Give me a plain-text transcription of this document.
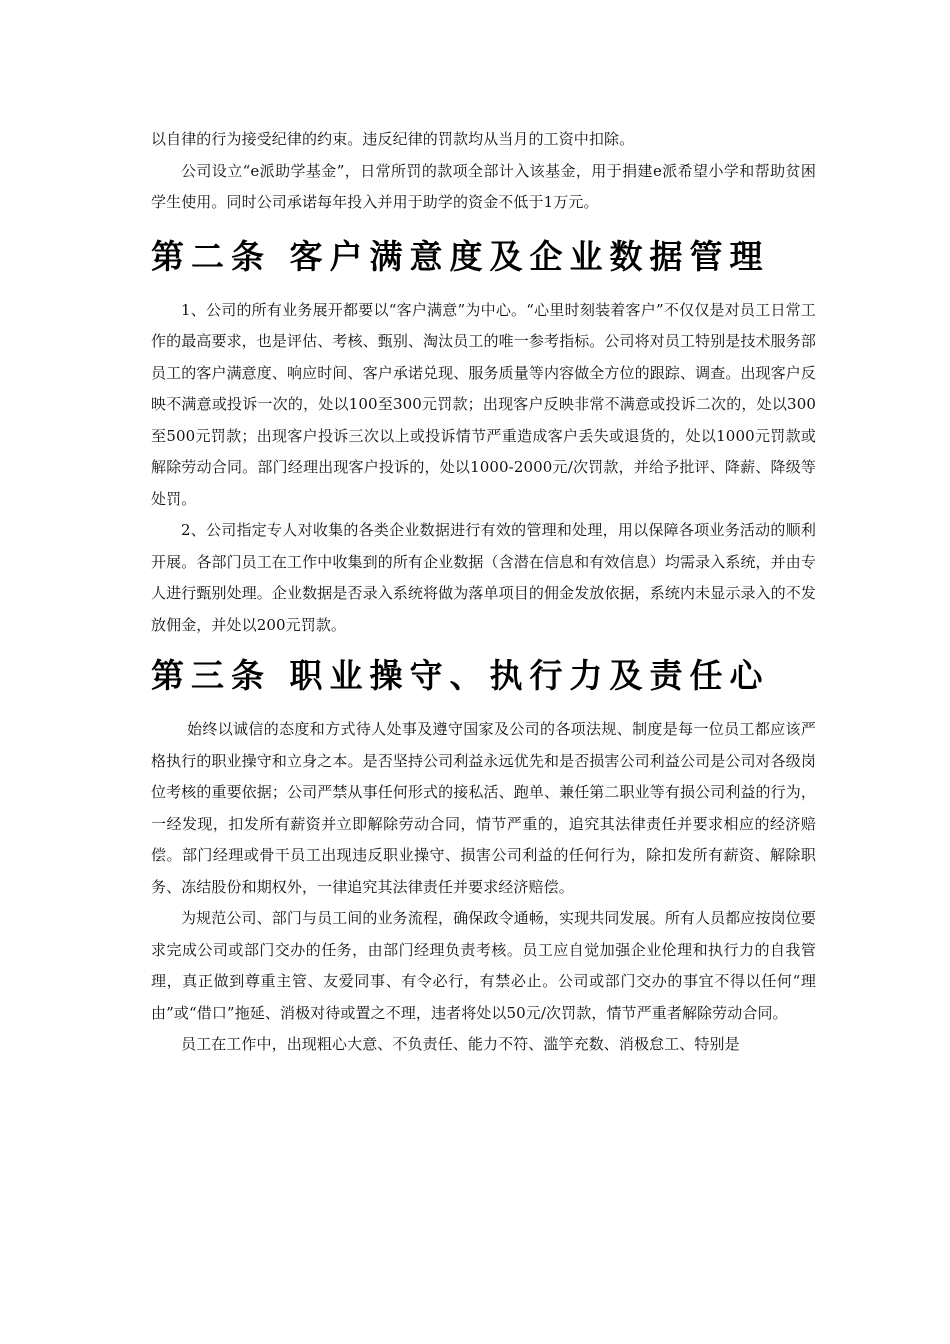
以自律的行为接受纪律的约束。违反纪律的罚款均从当月的工资中扣除。

公司设立“e派助学基金”，日常所罚的款项全部计入该基金，用于捐建e派希望小学和帮助贫困学生使用。同时公司承诺每年投入并用于助学的资金不低于1万元。

第二条 客户满意度及企业数据管理

1、公司的所有业务展开都要以“客户满意”为中心。“心里时刻装着客户”不仅仅是对员工日常工作的最高要求，也是评估、考核、甄别、淘汰员工的唯一参考指标。公司将对员工特别是技术服务部员工的客户满意度、响应时间、客户承诺兑现、服务质量等内容做全方位的跟踪、调查。出现客户反映不满意或投诉一次的，处以100至300元罚款；出现客户反映非常不满意或投诉二次的，处以300至500元罚款；出现客户投诉三次以上或投诉情节严重造成客户丢失或退货的，处以1000元罚款或解除劳动合同。部门经理出现客户投诉的，处以1000-2000元/次罚款，并给予批评、降薪、降级等处罚。

2、公司指定专人对收集的各类企业数据进行有效的管理和处理，用以保障各项业务活动的顺利开展。各部门员工在工作中收集到的所有企业数据（含潜在信息和有效信息）均需录入系统，并由专人进行甄别处理。企业数据是否录入系统将做为落单项目的佣金发放依据，系统内未显示录入的不发放佣金，并处以200元罚款。

第三条 职业操守、执行力及责任心

始终以诚信的态度和方式待人处事及遵守国家及公司的各项法规、制度是每一位员工都应该严格执行的职业操守和立身之本。是否坚持公司利益永远优先和是否损害公司利益公司是公司对各级岗位考核的重要依据；公司严禁从事任何形式的接私活、跑单、兼任第二职业等有损公司利益的行为，一经发现，扣发所有薪资并立即解除劳动合同，情节严重的，追究其法律责任并要求相应的经济赔偿。部门经理或骨干员工出现违反职业操守、损害公司利益的任何行为，除扣发所有薪资、解除职务、冻结股份和期权外，一律追究其法律责任并要求经济赔偿。

为规范公司、部门与员工间的业务流程，确保政令通畅，实现共同发展。所有人员都应按岗位要求完成公司或部门交办的任务，由部门经理负责考核。员工应自觉加强企业伦理和执行力的自我管理，真正做到尊重主管、友爱同事、有令必行，有禁必止。公司或部门交办的事宜不得以任何“理由”或“借口”拖延、消极对待或置之不理，违者将处以50元/次罚款，情节严重者解除劳动合同。

员工在工作中，出现粗心大意、不负责任、能力不符、滥竽充数、消极怠工、特别是
